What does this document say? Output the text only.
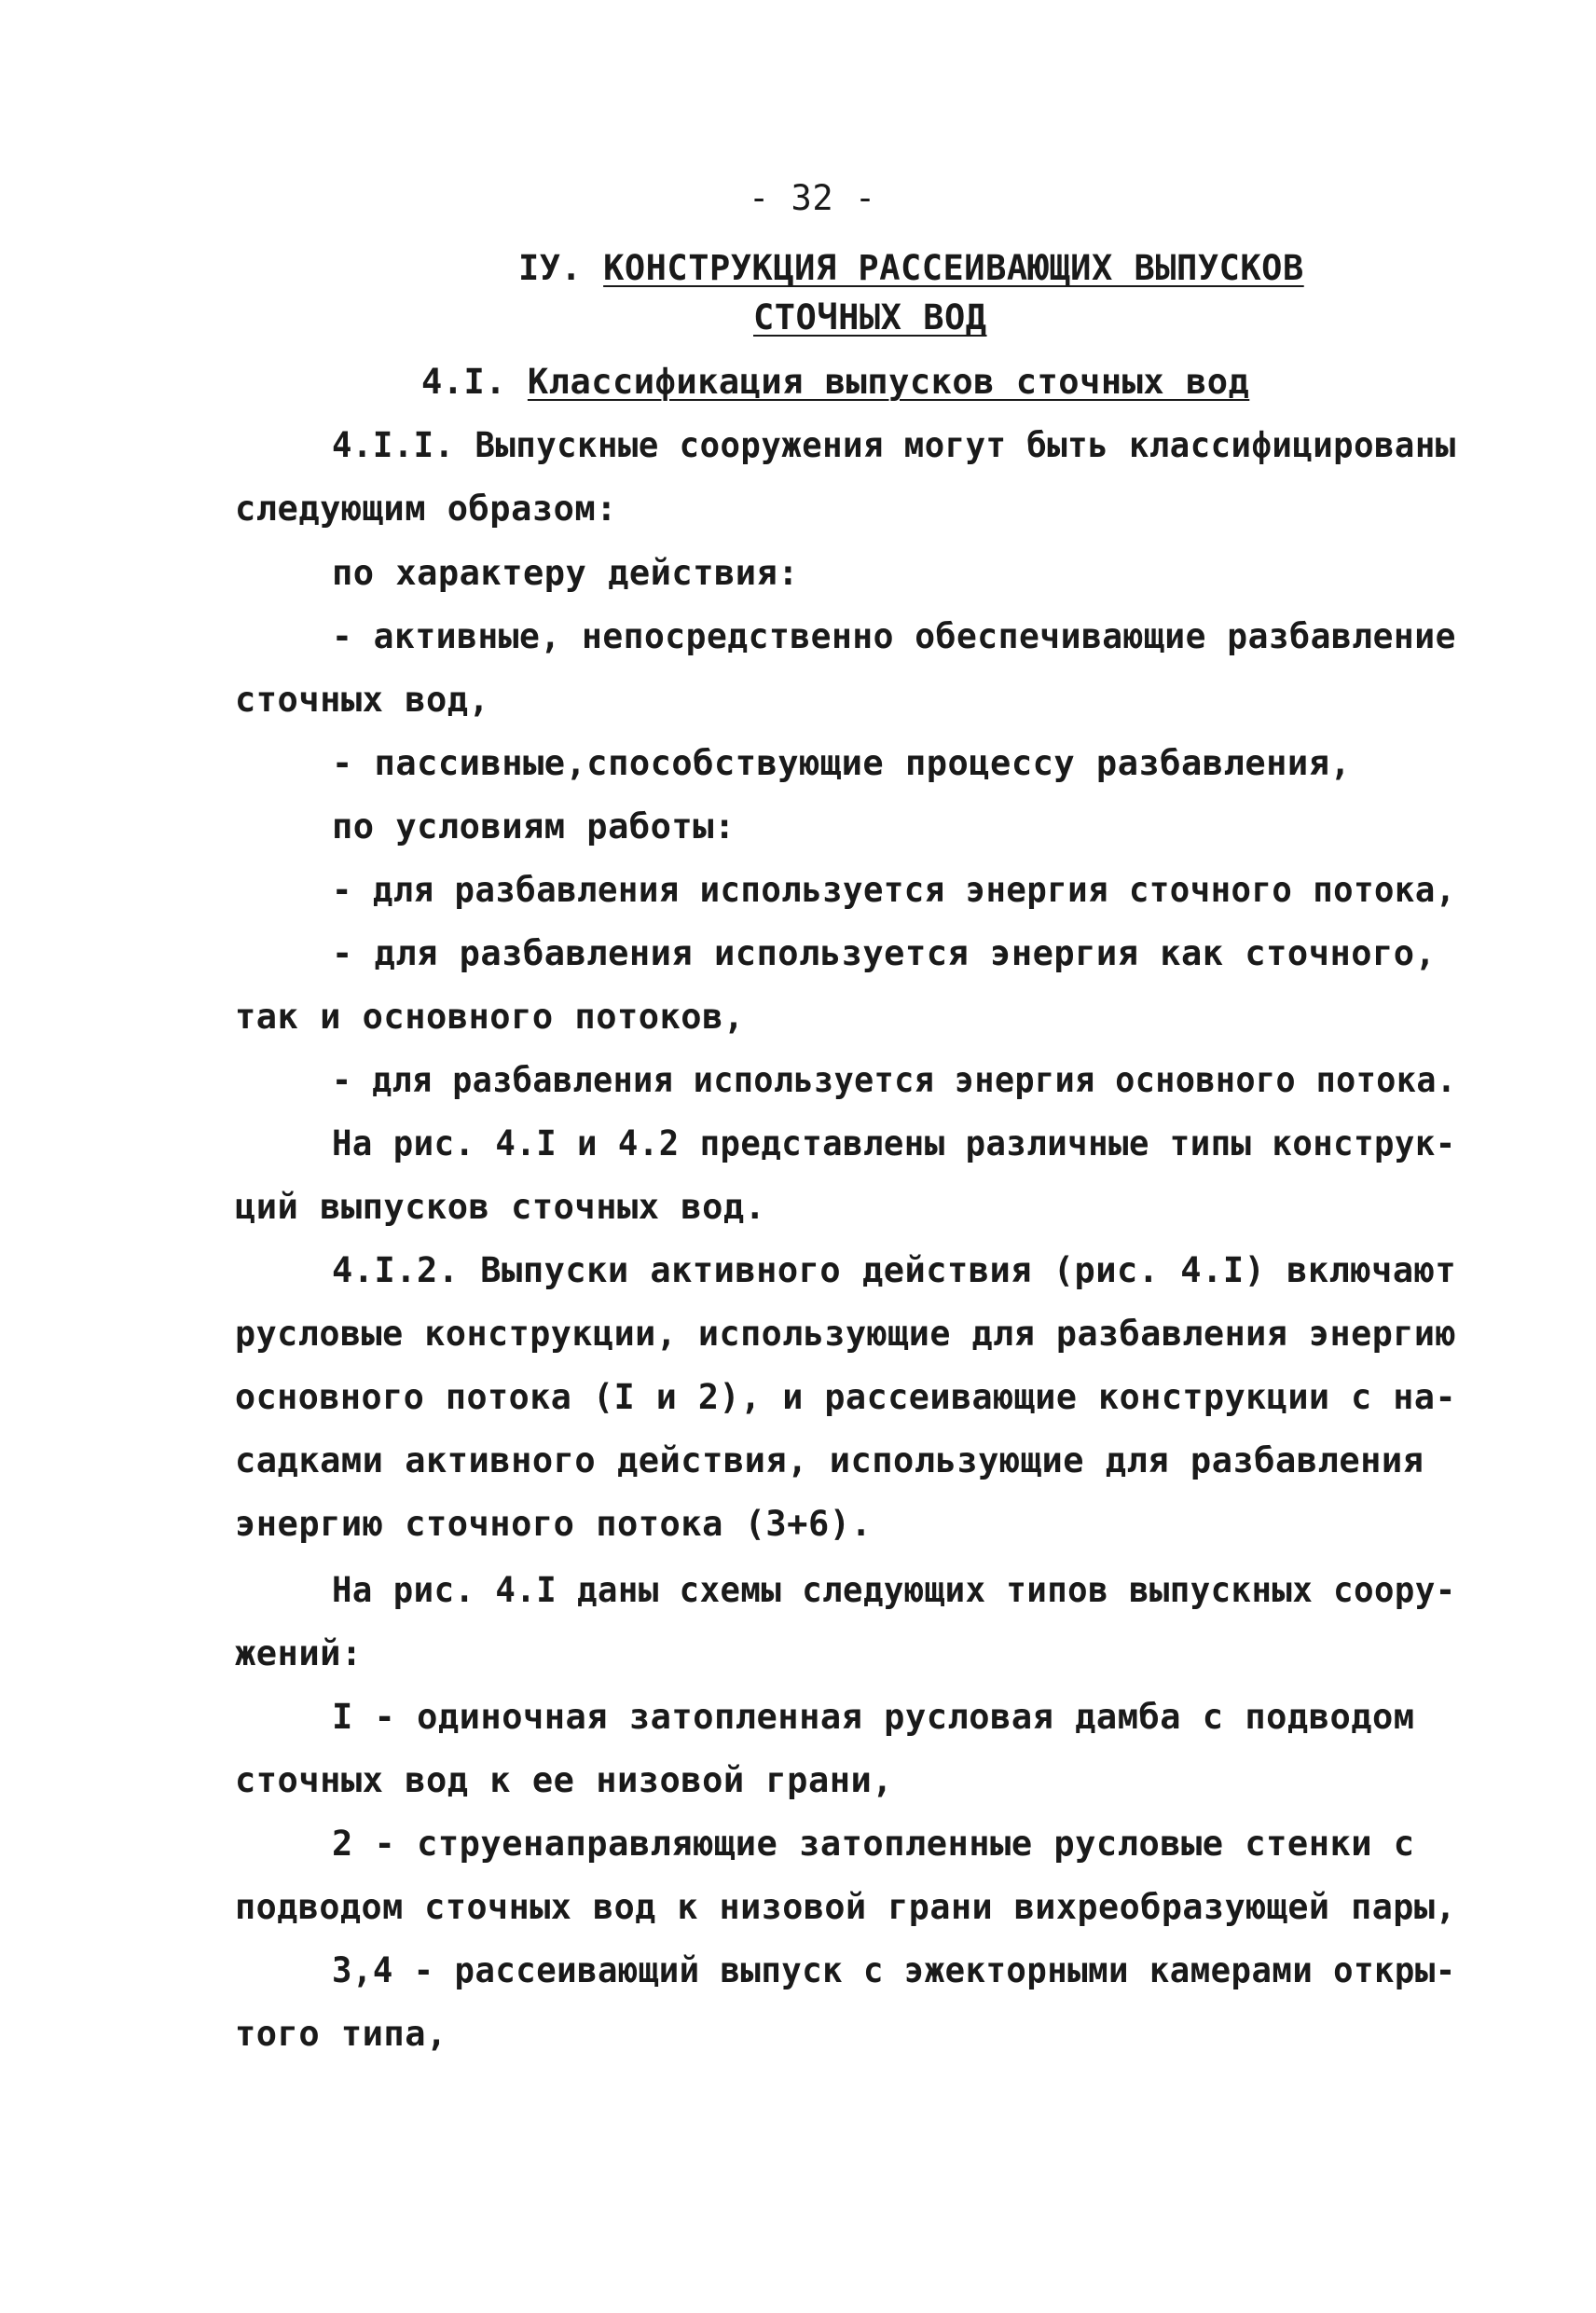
- 32 -
IУ. КОНСТРУКЦИЯ РАССЕИВАЮЩИХ ВЫПУСКОВ
СТОЧНЫХ ВОД
4.I. Классификация выпусков сточных вод
4.I.I. Выпускные сооружения могут быть классифицированы
следующим образом:
по характеру действия:
- активные, непосредственно обеспечивающие разбавление
сточных вод,
- пассивные,способствующие процессу разбавления,
по условиям работы:
- для разбавления используется энергия сточного потока,
- для разбавления используется энергия как сточного,
так и основного потоков,
- для разбавления используется энергия основного потока.
На рис. 4.I и 4.2 представлены различные типы конструк-
ций выпусков сточных вод.
4.I.2. Выпуски активного действия (рис. 4.I) включают
русловые конструкции, использующие для разбавления энергию
основного потока (I и 2), и рассеивающие конструкции с на-
садками активного действия, использующие для разбавления
энергию сточного потока (3+6).
На рис. 4.I даны схемы следующих типов выпускных соору-
жений:
I - одиночная затопленная русловая дамба с подводом
сточных вод к ее низовой грани,
2 - струенаправляющие затопленные русловые стенки с
подводом сточных вод к низовой грани вихреобразующей пары,
3,4 - рассеивающий выпуск с эжекторными камерами откры-
того типа,
